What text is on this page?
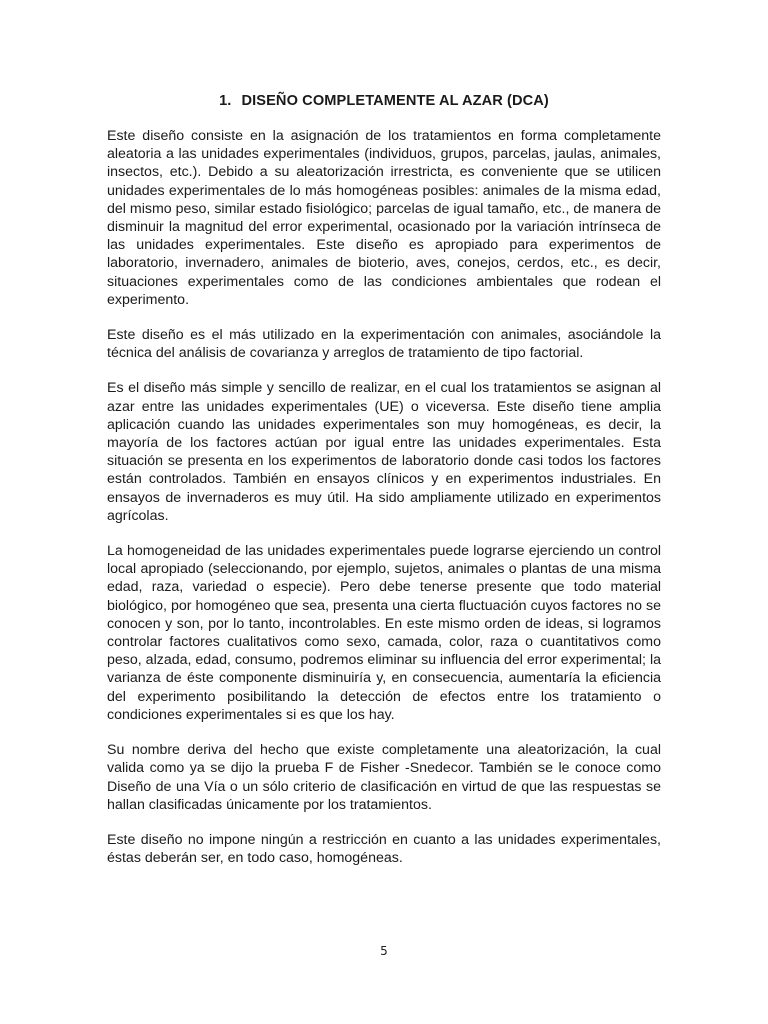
1. DISEÑO COMPLETAMENTE AL AZAR (DCA)

Este diseño consiste en la asignación de los tratamientos en forma completamente aleatoria a las unidades experimentales (individuos, grupos, parcelas, jaulas, animales, insectos, etc.). Debido a su aleatorización irrestricta, es conveniente que se utilicen unidades experimentales de lo más homogéneas posibles: animales de la misma edad, del mismo peso, similar estado fisiológico; parcelas de igual tamaño, etc., de manera de disminuir la magnitud del error experimental, ocasionado por la variación intrínseca de las unidades experimentales. Este diseño es apropiado para experimentos de laboratorio, invernadero, animales de bioterio, aves, conejos, cerdos, etc., es decir, situaciones experimentales como de las condiciones ambientales que rodean el experimento.

Este diseño es el más utilizado en la experimentación con animales, asociándole la técnica del análisis de covarianza y arreglos de tratamiento de tipo factorial.

Es el diseño más simple y sencillo de realizar, en el cual los tratamientos se asignan al azar entre las unidades experimentales (UE) o viceversa. Este diseño tiene amplia aplicación cuando las unidades experimentales son muy homogéneas, es decir, la mayoría de los factores actúan por igual entre las unidades experimentales. Esta situación se presenta en los experimentos de laboratorio donde casi todos los factores están controlados. También en ensayos clínicos y en experimentos industriales. En ensayos de invernaderos es muy útil. Ha sido ampliamente utilizado en experimentos agrícolas.

La homogeneidad de las unidades experimentales puede lograrse ejerciendo un control local apropiado (seleccionando, por ejemplo, sujetos, animales o plantas de una misma edad, raza, variedad o especie). Pero debe tenerse presente que todo material biológico, por homogéneo que sea, presenta una cierta fluctuación cuyos factores no se conocen y son, por lo tanto, incontrolables. En este mismo orden de ideas, si logramos controlar factores cualitativos como sexo, camada, color, raza o cuantitativos como peso, alzada, edad, consumo, podremos eliminar su influencia del error experimental; la varianza de éste componente disminuiría y, en consecuencia, aumentaría la eficiencia del experimento posibilitando la detección de efectos entre los tratamiento o condiciones experimentales si es que los hay.

Su nombre deriva del hecho que existe completamente una aleatorización, la cual valida como ya se dijo la prueba F de Fisher -Snedecor. También se le conoce como Diseño de una Vía o un sólo criterio de clasificación en virtud de que las respuestas se hallan clasificadas únicamente por los tratamientos.

Este diseño no impone ningún a restricción en cuanto a las unidades experimentales, éstas deberán ser, en todo caso, homogéneas.

5
